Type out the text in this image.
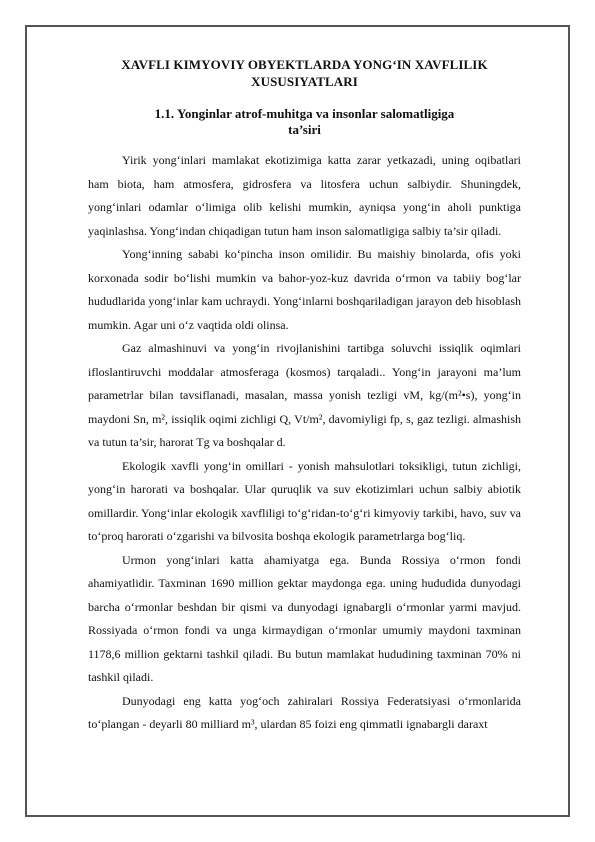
XAVFLI KIMYOVIY OBYEKTLARDA YONG‘IN XAVFLILIK XUSUSIYATLARI
1.1. Yonginlar atrof-muhitga va insonlar salomatligiga
ta’siri

Yirik yong‘inlari mamlakat ekotizimiga katta zarar yetkazadi, uning oqibatlari ham biota, ham atmosfera, gidrosfera va litosfera uchun salbiydir. Shuningdek, yong‘inlari odamlar o‘limiga olib kelishi mumkin, ayniqsa yong‘in aholi punktiga yaqinlashsa. Yong‘indan chiqadigan tutun ham inson salomatligiga salbiy ta’sir qiladi.

Yong‘inning sababi ko‘pincha inson omilidir. Bu maishiy binolarda, ofis yoki korxonada sodir bo‘lishi mumkin va bahor-yoz-kuz davrida o‘rmon va tabiiy bog‘lar hududlarida yong‘inlar kam uchraydi. Yong‘inlarni boshqariladigan jarayon deb hisoblash mumkin. Agar uni o‘z vaqtida oldi olinsa.

Gaz almashinuvi va yong‘in rivojlanishini tartibga soluvchi issiqlik oqimlari ifloslantiruvchi moddalar atmosferaga (kosmos) tarqaladi.. Yong‘in jarayoni ma’lum parametrlar bilan tavsiflanadi, masalan, massa yonish tezligi vM, kg/(m²•s), yong‘in maydoni Sn, m², issiqlik oqimi zichligi Q, Vt/m², davomiyligi fp, s, gaz tezligi. almashish va tutun ta’sir, harorat Tg va boshqalar d.

Ekologik xavfli yong‘in omillari - yonish mahsulotlari toksikligi, tutun zichligi, yong‘in harorati va boshqalar. Ular quruqlik va suv ekotizimlari uchun salbiy abiotik omillardir. Yong‘inlar ekologik xavfliligi to‘g‘ridan-to‘g‘ri kimyoviy tarkibi, havo, suv va to‘proq harorati o‘zgarishi va bilvosita boshqa ekologik parametrlarga bog‘liq.

Urmon yong‘inlari katta ahamiyatga ega. Bunda Rossiya o‘rmon fondi ahamiyatlidir. Taxminan 1690 million gektar maydonga ega. uning hududida dunyodagi barcha o‘rmonlar beshdan bir qismi va dunyodagi ignabargli o‘rmonlar yarmi mavjud. Rossiyada o‘rmon fondi va unga kirmaydigan o‘rmonlar umumiy maydoni taxminan 1178,6 million gektarni tashkil qiladi. Bu butun mamlakat hududining taxminan 70% ni tashkil qiladi.

Dunyodagi eng katta yog‘och zahiralari Rossiya Federatsiyasi o‘rmonlarida to‘plangan - deyarli 80 milliard m³, ulardan 85 foizi eng qimmatli ignabargli daraxt
